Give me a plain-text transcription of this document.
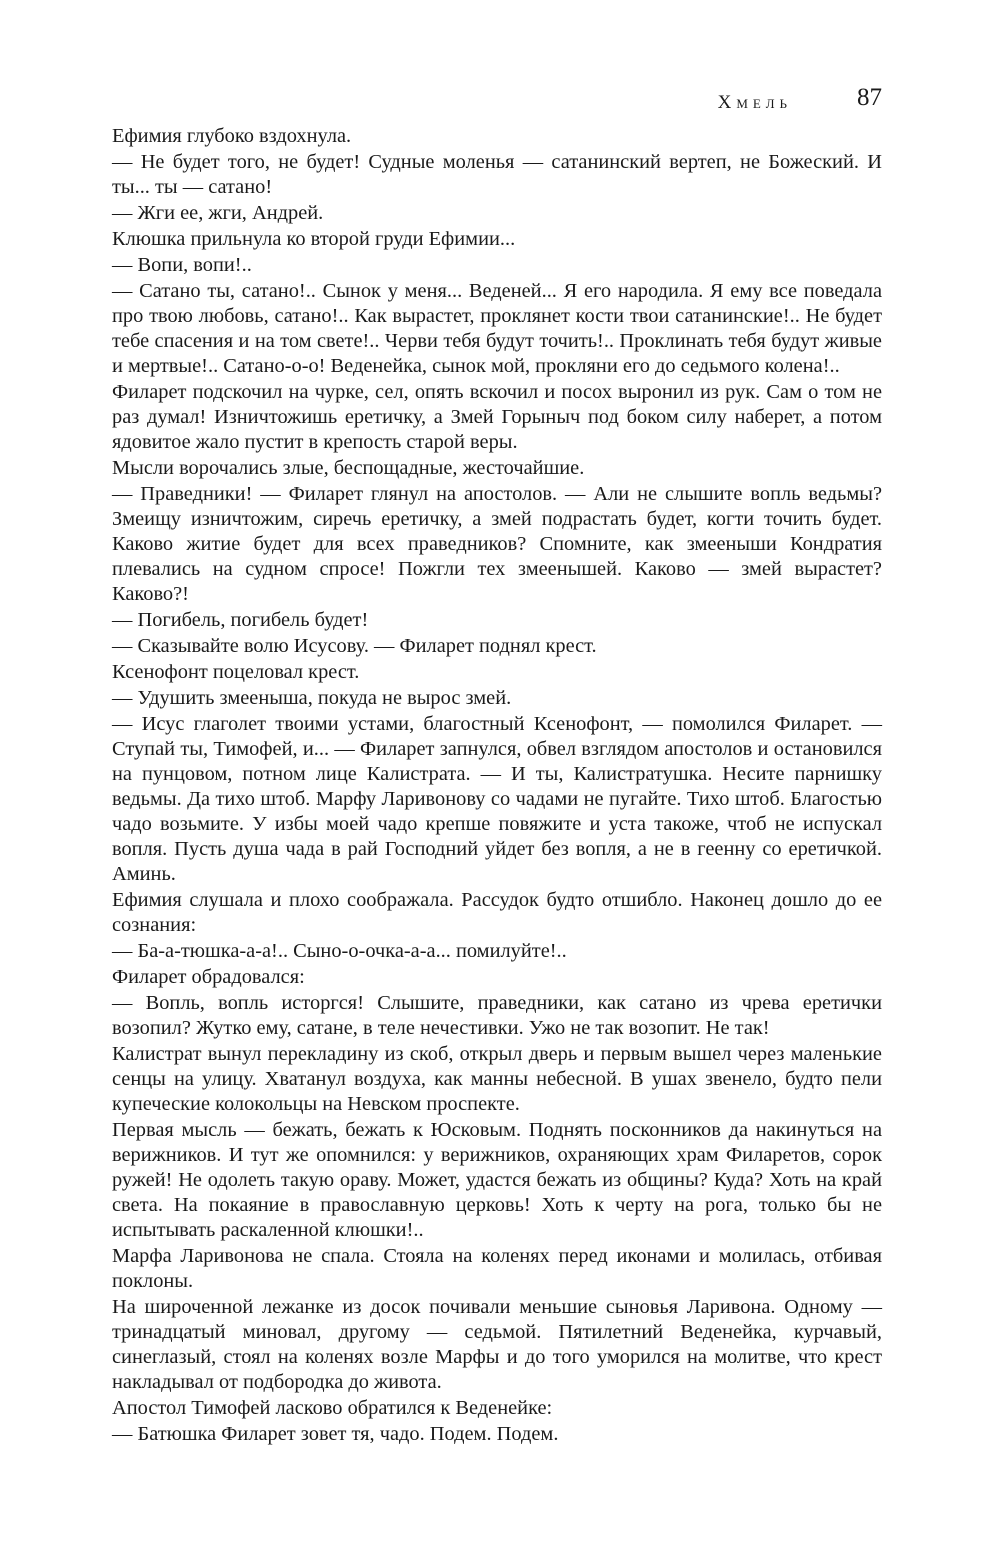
Хмель	87

Ефимия глубоко вздохнула.

— Не будет того, не будет! Судные моленья — сатанинский вертеп, не Божеский. И ты... ты — сатано!

— Жги ее, жги, Андрей.

Клюшка прильнула ко второй груди Ефимии...

— Вопи, вопи!..

— Сатано ты, сатано!.. Сынок у меня... Веденей... Я его народила. Я ему все поведала про твою любовь, сатано!.. Как вырастет, проклянет кости твои сатанинские!.. Не будет тебе спасения и на том свете!.. Черви тебя будут точить!.. Проклинать тебя будут живые и мертвые!.. Сатано-о-о! Веденейка, сынок мой, прокляни его до седьмого колена!..

Филарет подскочил на чурке, сел, опять вскочил и посох выронил из рук. Сам о том не раз думал! Изничтожишь еретичку, а Змей Горыныч под боком силу наберет, а потом ядовитое жало пустит в крепость старой веры.

Мысли ворочались злые, беспощадные, жесточайшие.

— Праведники! — Филарет глянул на апостолов. — Али не слышите вопль ведьмы? Змеищу изничтожим, сиречь еретичку, а змей подрастать будет, когти точить будет. Каково житие будет для всех праведников? Спомните, как змееныши Кондратия плевались на судном спросе! Пожгли тех змеенышей. Каково — змей вырастет? Каково?!

— Погибель, погибель будет!

— Сказывайте волю Исусову. — Филарет поднял крест.

Ксенофонт поцеловал крест.

— Удушить змееныша, покуда не вырос змей.

— Исус глаголет твоими устами, благостный Ксенофонт, — помолился Филарет. — Ступай ты, Тимофей, и... — Филарет запнулся, обвел взглядом апостолов и остановился на пунцовом, потном лице Калистрата. — И ты, Калистратушка. Несите парнишку ведьмы. Да тихо штоб. Марфу Ларивонову со чадами не пугайте. Тихо штоб. Благостью чадо возьмите. У избы моей чадо крепше повяжите и уста такоже, чтоб не испускал вопля. Пусть душа чада в рай Господний уйдет без вопля, а не в геенну со еретичкой. Аминь.

Ефимия слушала и плохо соображала. Рассудок будто отшибло. Наконец дошло до ее сознания:

— Ба-а-тюшка-а-а!.. Сыно-о-очка-а-а... помилуйте!..

Филарет обрадовался:

— Вопль, вопль исторгся! Слышите, праведники, как сатано из чрева еретички возопил? Жутко ему, сатане, в теле нечестивки. Ужо не так возопит. Не так!

Калистрат вынул перекладину из скоб, открыл дверь и первым вышел через маленькие сенцы на улицу. Хватанул воздуха, как манны небесной. В ушах звенело, будто пели купеческие колокольцы на Невском проспекте.

Первая мысль — бежать, бежать к Юсковым. Поднять посконников да накинуться на верижников. И тут же опомнился: у верижников, охраняющих храм Филаретов, сорок ружей! Не одолеть такую ораву. Может, удастся бежать из общины? Куда? Хоть на край света. На покаяние в православную церковь! Хоть к черту на рога, только бы не испытывать раскаленной клюшки!..

Марфа Ларивонова не спала. Стояла на коленях перед иконами и молилась, отбивая поклоны.

На широченной лежанке из досок почивали меньшие сыновья Ларивона. Одному — тринадцатый миновал, другому — седьмой. Пятилетний Веденейка, курчавый, синеглазый, стоял на коленях возле Марфы и до того уморился на молитве, что крест накладывал от подбородка до живота.

Апостол Тимофей ласково обратился к Веденейке:

— Батюшка Филарет зовет тя, чадо. Подем. Подем.
